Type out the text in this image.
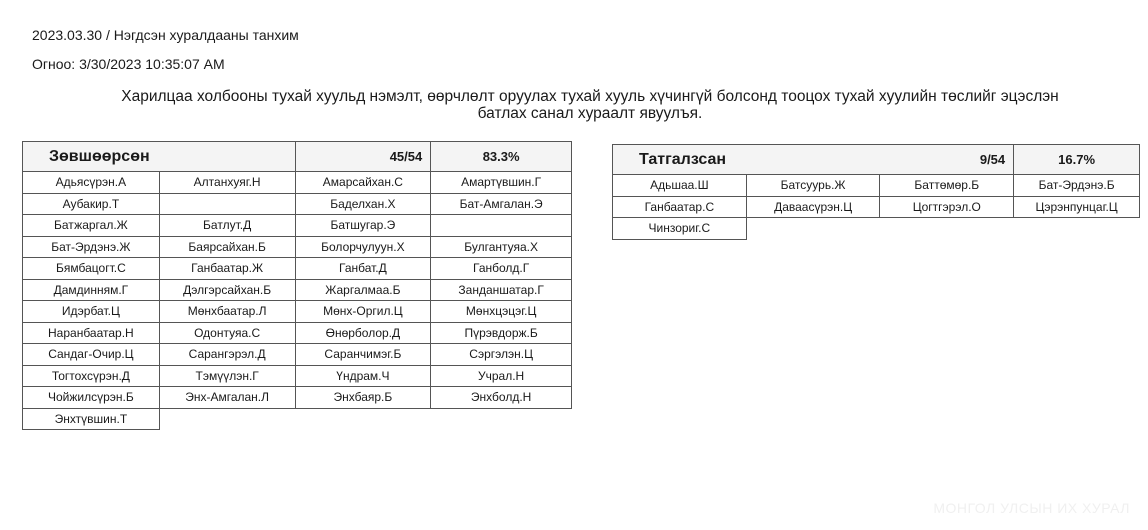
2023.03.30 / Нэгдсэн хуралдааны танхим
Огноо: 3/30/2023 10:35:07 AM
Харилцаа холбооны тухай хуульд нэмэлт, өөрчлөлт оруулах тухай хууль хүчингүй болсонд тооцох тухай хуулийн төслийг эцэслэн
батлах санал хураалт явуулъя.
Зөвшөөрсөн		45/54	83.3%
Адьясүрэн.А	Алтанхуяг.Н	Амарсайхан.С	Амартүвшин.Г
Аубакир.Т		Баделхан.Х	Бат-Амгалан.Э
Батжаргал.Ж	Батлут.Д	Батшугар.Э	
Бат-Эрдэнэ.Ж	Баярсайхан.Б	Болорчулуун.Х	Булгантуяа.Х
Бямбацогт.С	Ганбаатар.Ж	Ганбат.Д	Ганболд.Г
Дамдинням.Г	Дэлгэрсайхан.Б	Жаргалмаа.Б	Занданшатар.Г
Идэрбат.Ц	Мөнхбаатар.Л	Мөнх-Оргил.Ц	Мөнхцэцэг.Ц
Наранбаатар.Н	Одонтуяа.С	Өнөрболор.Д	Пүрэвдорж.Б
Сандаг-Очир.Ц	Сарангэрэл.Д	Саранчимэг.Б	Сэргэлэн.Ц
Тогтохсүрэн.Д	Тэмүүлэн.Г	Үндрам.Ч	Учрал.Н
Чойжилсүрэн.Б	Энх-Амгалан.Л	Энхбаяр.Б	Энхболд.Н
Энхтүвшин.Т			
Татгалзсан		9/54	16.7%
Адьшаа.Ш	Батсуурь.Ж	Баттөмөр.Б	Бат-Эрдэнэ.Б
Ганбаатар.С	Даваасүрэн.Ц	Цогтгэрэл.О	Цэрэнпунцаг.Ц
Чинзориг.С			
МОНГОЛ УЛСЫН ИХ ХУРАЛ
